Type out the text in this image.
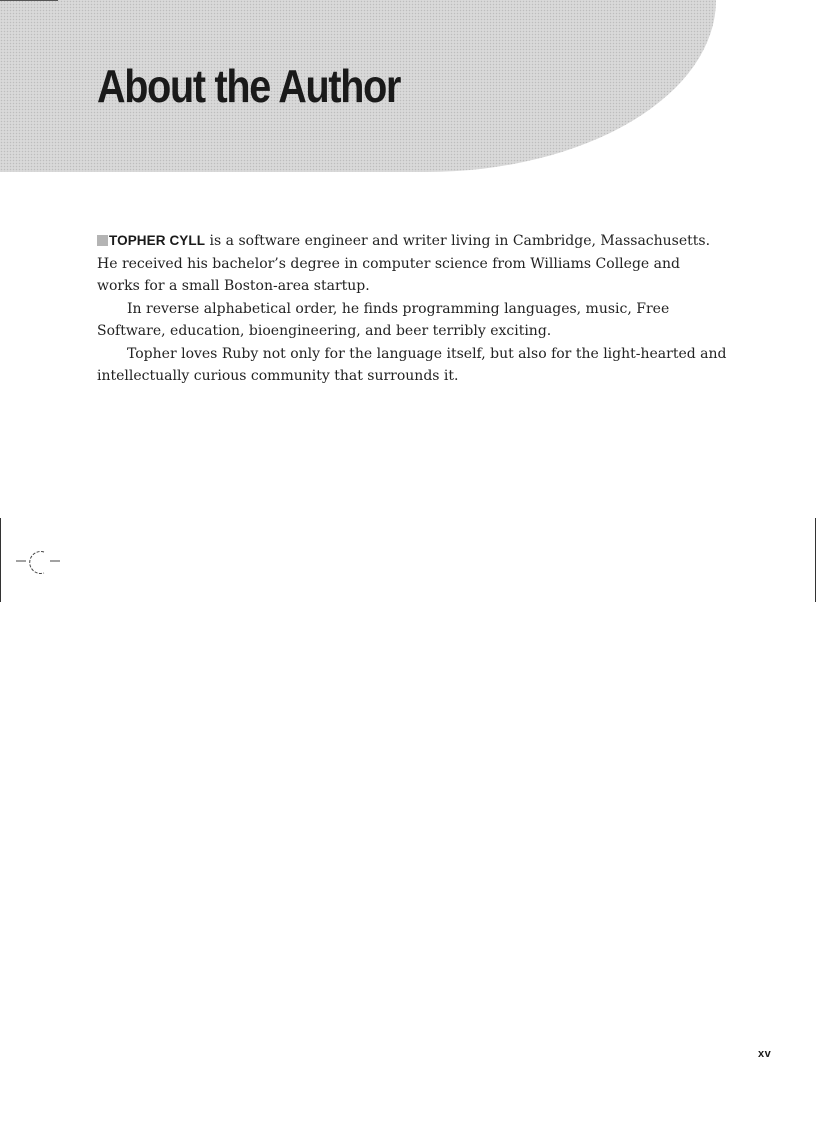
About the Author

TOPHER CYLL is a software engineer and writer living in Cambridge, Massachusetts. He received his bachelor’s degree in computer science from Williams College and works for a small Boston-area startup.

In reverse alphabetical order, he finds programming languages, music, Free Software, education, bioengineering, and beer terribly exciting.

Topher loves Ruby not only for the language itself, but also for the light-hearted and intellectually curious community that surrounds it.

xv
